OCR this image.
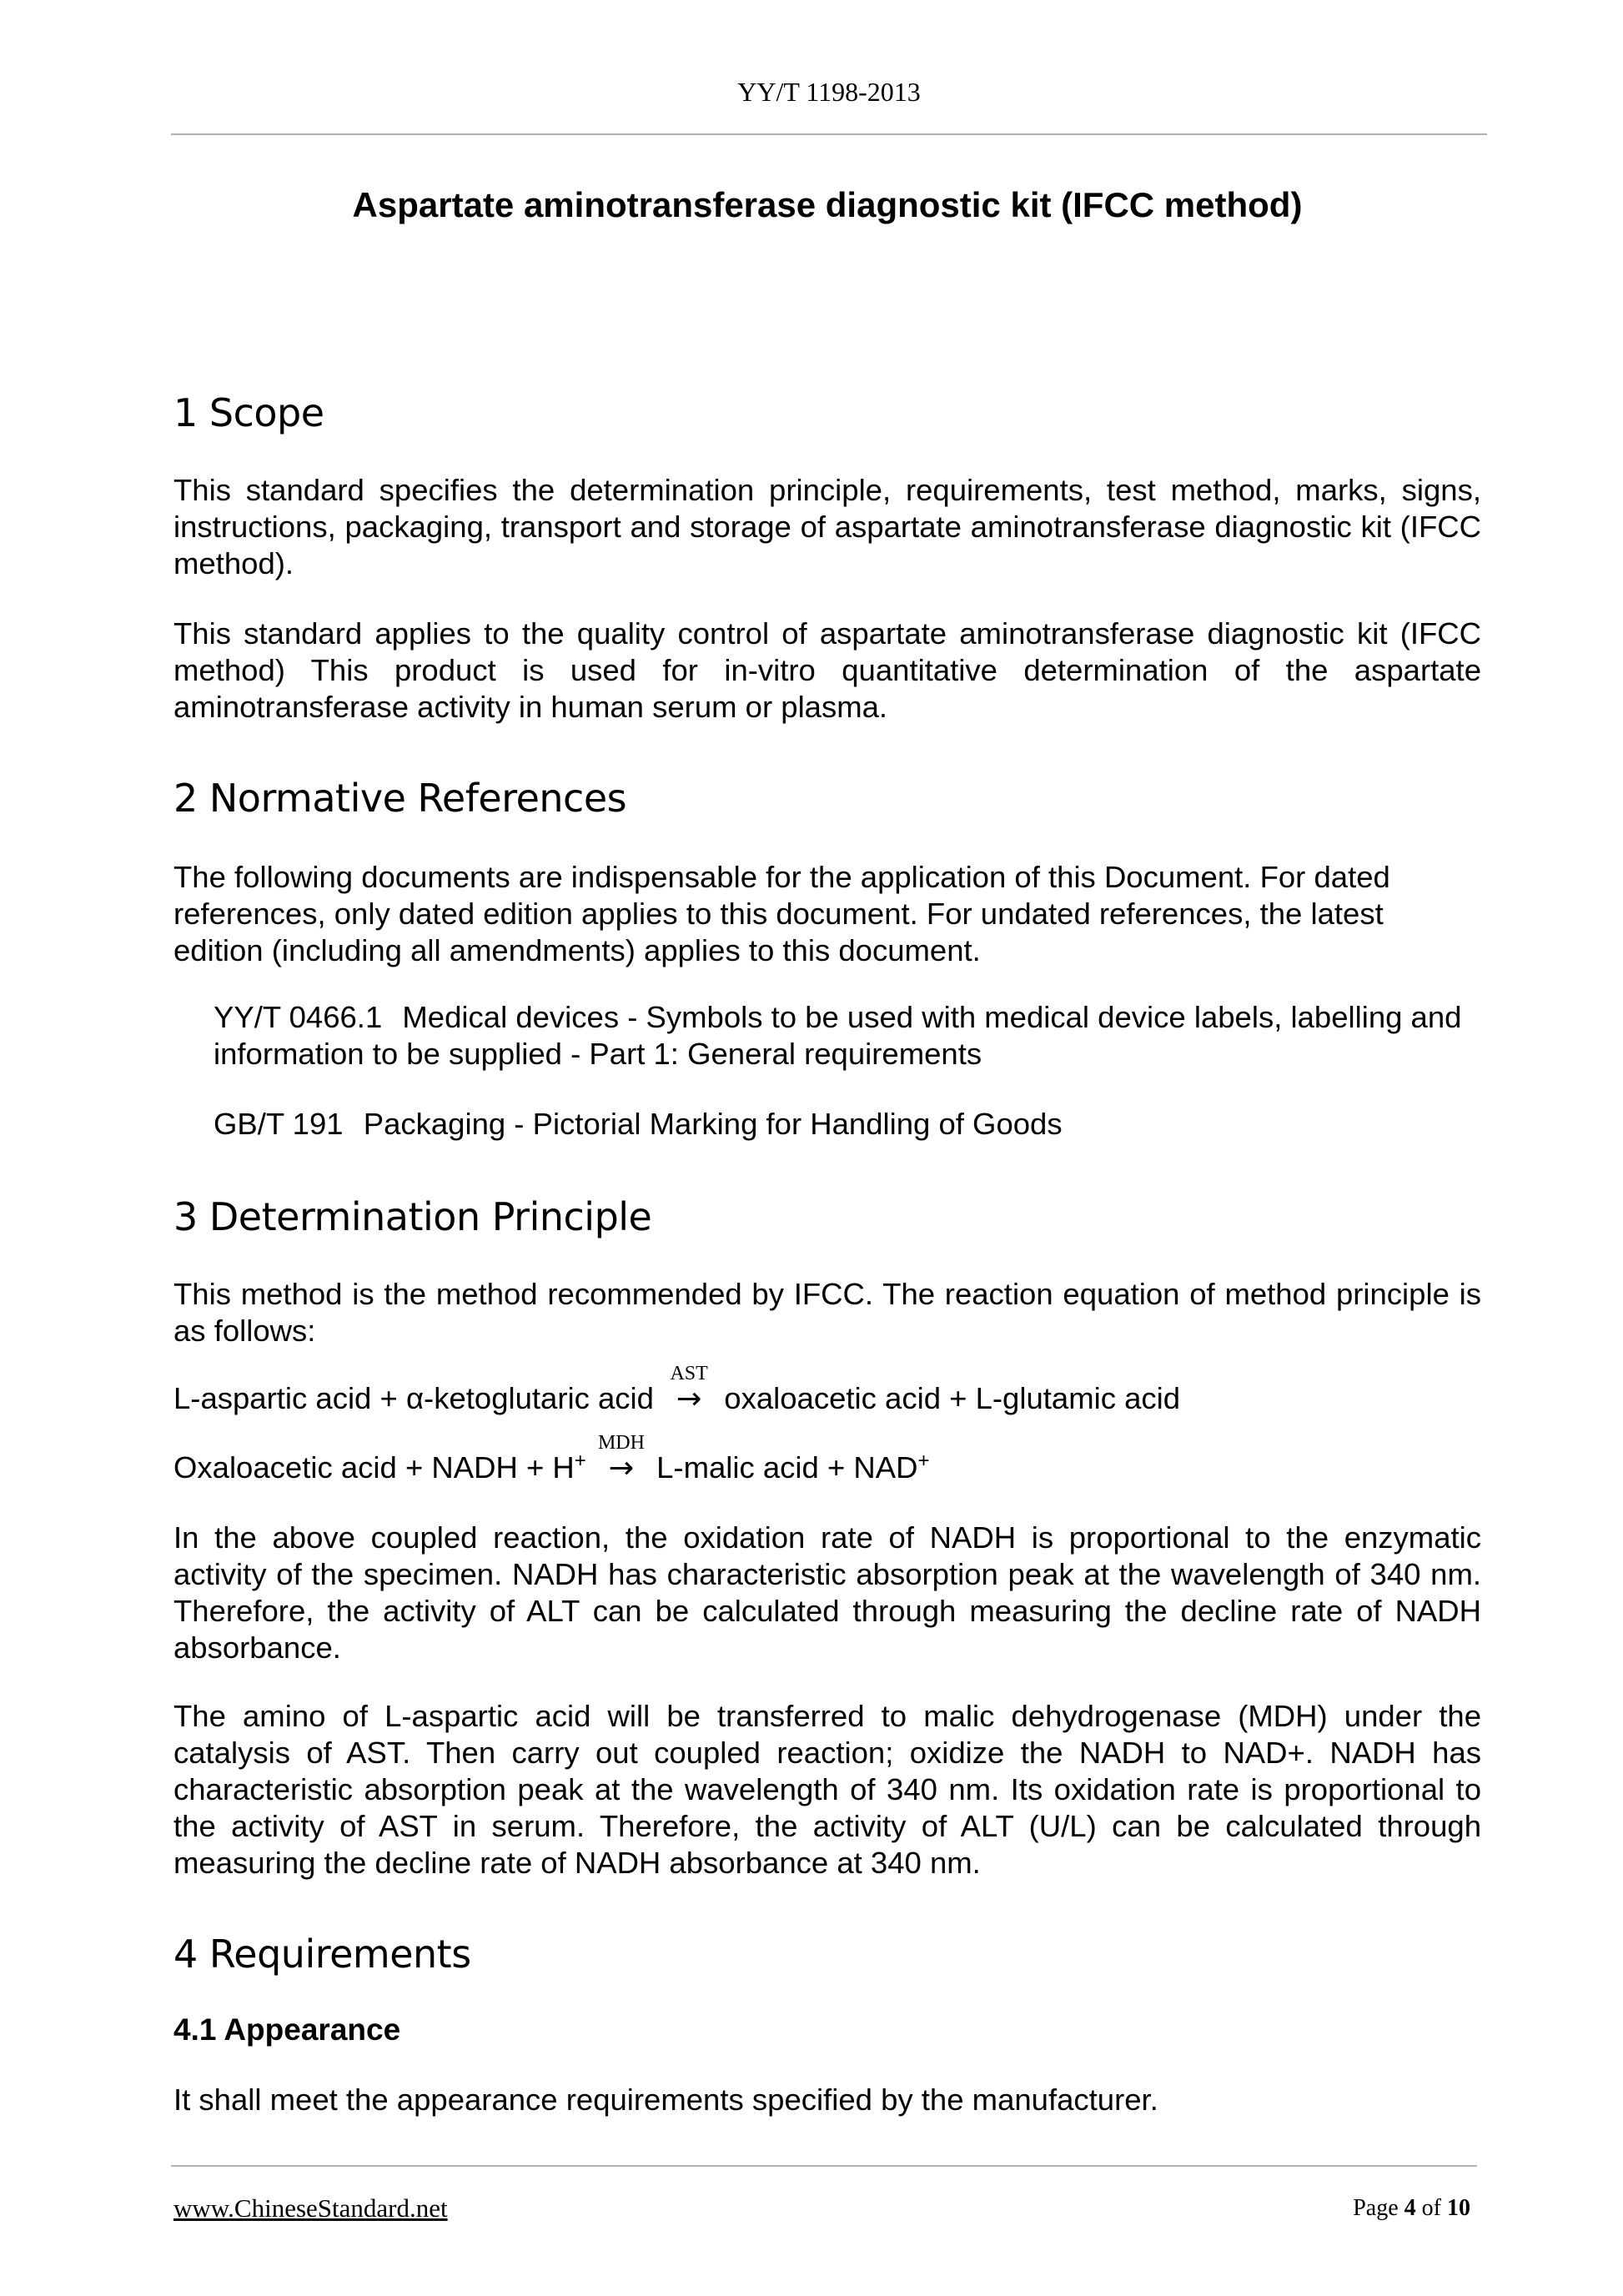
YY/T 1198-2013
Aspartate aminotransferase diagnostic kit (IFCC method)
1 Scope

This standard specifies the determination principle, requirements, test method, marks, signs, instructions, packaging, transport and storage of aspartate aminotransferase diagnostic kit (IFCC method).

This standard applies to the quality control of aspartate aminotransferase diagnostic kit (IFCC method) This product is used for in-vitro quantitative determination of the aspartate aminotransferase activity in human serum or plasma.

2 Normative References

The following documents are indispensable for the application of this Document. For dated references, only dated edition applies to this document. For undated references, the latest edition (including all amendments) applies to this document.

YY/T 0466.1 Medical devices - Symbols to be used with medical device labels, labelling and information to be supplied - Part 1: General requirements

GB/T 191 Packaging - Pictorial Marking for Handling of Goods

3 Determination Principle

This method is the method recommended by IFCC. The reaction equation of method principle is as follows:

L-aspartic acid + α-ketoglutaric acid
AST
→ oxaloacetic acid + L-glutamic acid
Oxaloacetic acid + NADH + H+
MDH
→ L-malic acid + NAD+

In the above coupled reaction, the oxidation rate of NADH is proportional to the enzymatic activity of the specimen. NADH has characteristic absorption peak at the wavelength of 340 nm. Therefore, the activity of ALT can be calculated through measuring the decline rate of NADH absorbance.

The amino of L-aspartic acid will be transferred to malic dehydrogenase (MDH) under the catalysis of AST. Then carry out coupled reaction; oxidize the NADH to NAD+. NADH has characteristic absorption peak at the wavelength of 340 nm. Its oxidation rate is proportional to the activity of AST in serum. Therefore, the activity of ALT (U/L) can be calculated through measuring the decline rate of NADH absorbance at 340 nm.

4 Requirements
4.1 Appearance

It shall meet the appearance requirements specified by the manufacturer.

www.ChineseStandard.net	Page 4 of 10
